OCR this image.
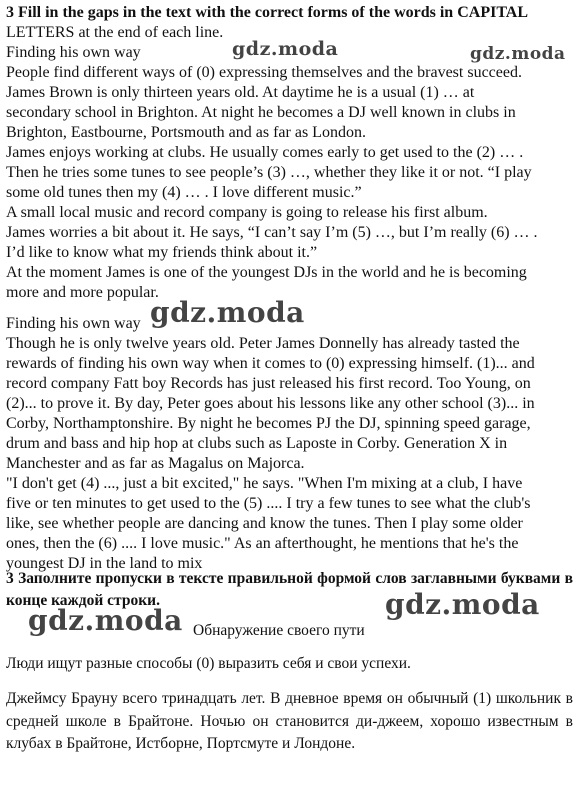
3 Fill in the gaps in the text with the correct forms of the words in CAPITAL

LETTERS at the end of each line.

Finding his own way

People find different ways of (0) expressing themselves and the bravest succeed.

James Brown is only thirteen years old. At daytime he is a usual (1) … at

secondary school in Brighton. At night he becomes a DJ well known in clubs in

Brighton, Eastbourne, Portsmouth and as far as London.

James enjoys working at clubs. He usually comes early to get used to the (2) … .

Then he tries some tunes to see people’s (3) …, whether they like it or not. “I play

some old tunes then my (4) … . I love different music.”

A small local music and record company is going to release his first album.

James worries a bit about it. He says, “I can’t say I’m (5) …, but I’m really (6) … .

I’d like to know what my friends think about it.”

At the moment James is one of the youngest DJs in the world and he is becoming

more and more popular.

Finding his own way

Though he is only twelve years old. Peter James Donnelly has already tasted the

rewards of finding his own way when it comes to (0) expressing himself. (1)... and

record company Fatt boy Records has just released his first record. Too Young, on

(2)... to prove it. By day, Peter goes about his lessons like any other school (3)... in

Corby, Northamptonshire. By night he becomes PJ the DJ, spinning speed garage,

drum and bass and hip hop at clubs such as Laposte in Corby. Generation X in

Manchester and as far as Magalus on Majorca.

"I don't get (4) ..., just a bit excited," he says. "When I'm mixing at a club, I have

five or ten minutes to get used to the (5) .... I try a few tunes to see what the club's

like, see whether people are dancing and know the tunes. Then I play some older

ones, then the (6) .... I love music." As an afterthought, he mentions that he's the

youngest DJ in the land to mix

3 Заполните пропуски в тексте правильной формой слов заглавными буквами в конце каждой строки.

Обнаружение своего пути

Люди ищут разные способы (0) выразить себя и свои успехи.

Джеймсу Брауну всего тринадцать лет. В дневное время он обычный (1) школьник в средней школе в Брайтоне. Ночью он становится ди-джеем, хорошо известным в клубах в Брайтоне, Истборне, Портсмуте и Лондоне.

gdz.moda	gdz.moda
gdz.moda
gdz.moda
gdz.moda
